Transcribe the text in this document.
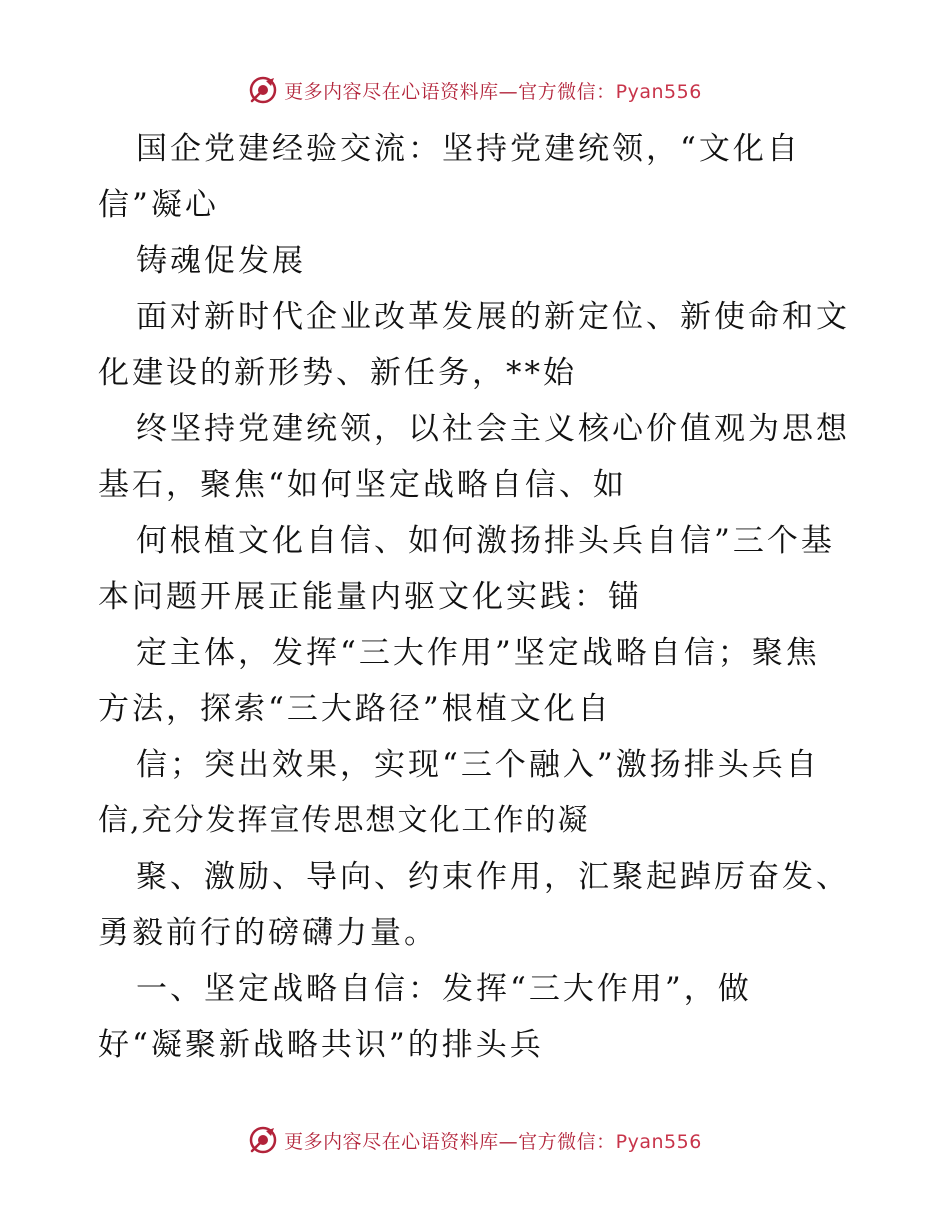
更多内容尽在心语资料库—官方微信：Pyan556
国企党建经验交流：坚持党建统领，“文化自
信”凝心
铸魂促发展
面对新时代企业改革发展的新定位、新使命和文
化建设的新形势、新任务，**始
终坚持党建统领，以社会主义核心价值观为思想
基石，聚焦“如何坚定战略自信、如
何根植文化自信、如何激扬排头兵自信”三个基
本问题开展正能量内驱文化实践：锚
定主体，发挥“三大作用”坚定战略自信；聚焦
方法，探索“三大路径”根植文化自
信；突出效果，实现“三个融入”激扬排头兵自
信,充分发挥宣传思想文化工作的凝
聚、激励、导向、约束作用，汇聚起踔厉奋发、
勇毅前行的磅礴力量。
一、坚定战略自信：发挥“三大作用”，做
好“凝聚新战略共识”的排头兵
更多内容尽在心语资料库—官方微信：Pyan556
